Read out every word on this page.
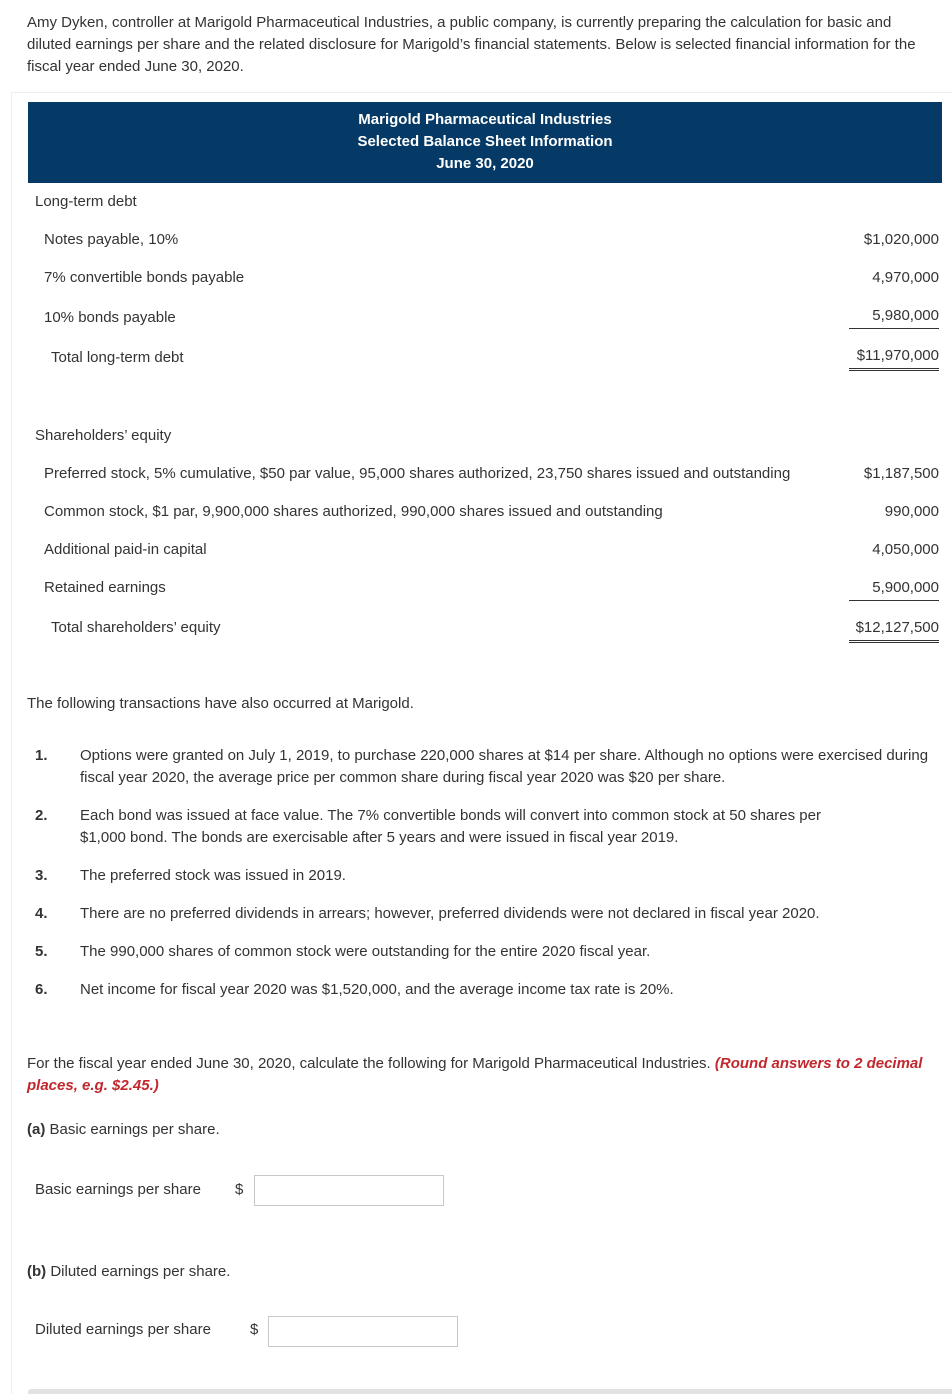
Amy Dyken, controller at Marigold Pharmaceutical Industries, a public company, is currently preparing the calculation for basic and diluted earnings per share and the related disclosure for Marigold’s financial statements. Below is selected financial information for the fiscal year ended June 30, 2020.
Marigold Pharmaceutical Industries
Selected Balance Sheet Information
June 30, 2020
Long-term debt
Notes payable, 10%	$1,020,000
7% convertible bonds payable	4,970,000
10% bonds payable	5,980,000
Total long-term debt	$11,970,000
Shareholders’ equity
Preferred stock, 5% cumulative, $50 par value, 95,000 shares authorized, 23,750 shares issued and outstanding	$1,187,500
Common stock, $1 par, 9,900,000 shares authorized, 990,000 shares issued and outstanding	990,000
Additional paid-in capital	4,050,000
Retained earnings	5,900,000
Total shareholders’ equity	$12,127,500
The following transactions have also occurred at Marigold.
1.	Options were granted on July 1, 2019, to purchase 220,000 shares at $14 per share. Although no options were exercised during fiscal year 2020, the average price per common share during fiscal year 2020 was $20 per share.
2.	Each bond was issued at face value. The 7% convertible bonds will convert into common stock at 50 shares per $1,000 bond. The bonds are exercisable after 5 years and were issued in fiscal year 2019.
3.	The preferred stock was issued in 2019.
4.	There are no preferred dividends in arrears; however, preferred dividends were not declared in fiscal year 2020.
5.	The 990,000 shares of common stock were outstanding for the entire 2020 fiscal year.
6.	Net income for fiscal year 2020 was $1,520,000, and the average income tax rate is 20%.
For the fiscal year ended June 30, 2020, calculate the following for Marigold Pharmaceutical Industries. (Round answers to 2 decimal places, e.g. $2.45.)
(a) Basic earnings per share.
Basic earnings per share $
(b) Diluted earnings per share.
Diluted earnings per share	$
